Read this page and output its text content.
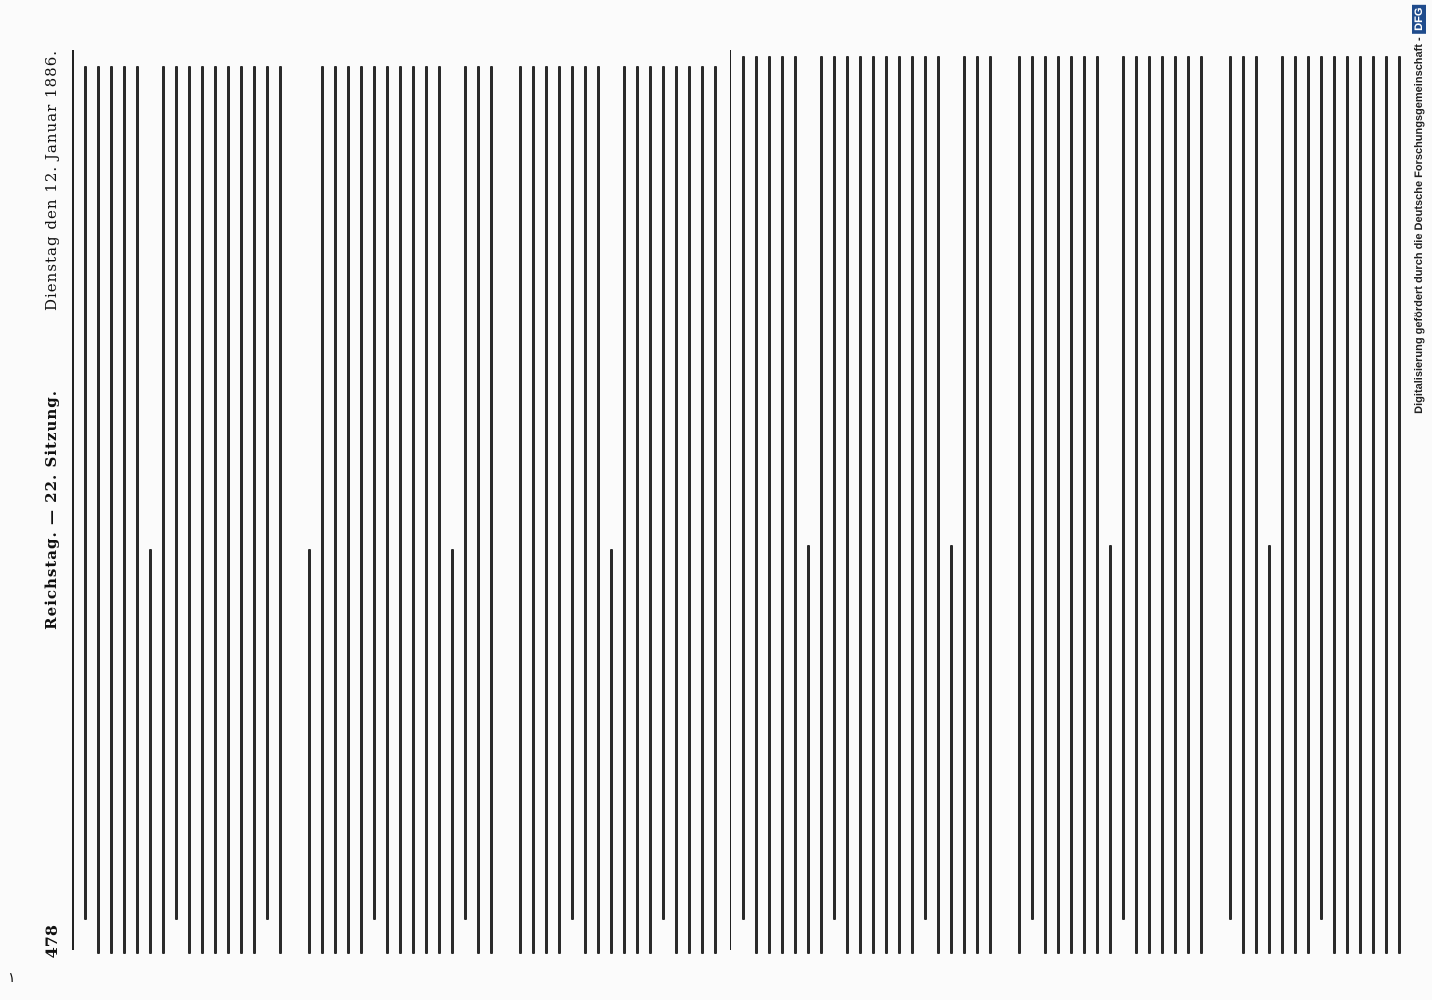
478
Reichstag. — 22. Sitzung.
Dienstag den 12. Januar 1886.	Digitalisierung gefördert durch die Deutsche Forschungsgemeinschaft - DFG
۱
